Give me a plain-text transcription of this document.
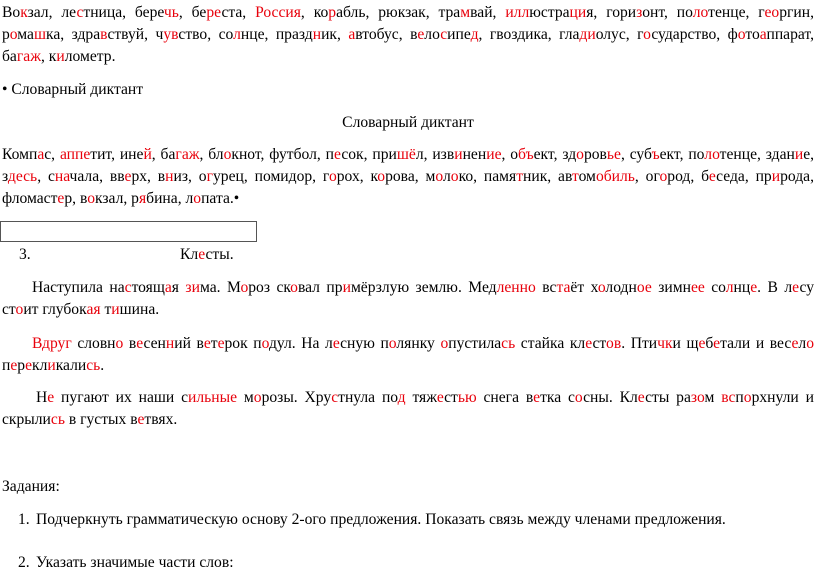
Вокзал, лестница, беречь, береста, Россия, корабль, рюкзак, трамвай, иллюстрация, горизонт, полотенце, георгин, ромашка, здравствуй, чувство, солнце, праздник, автобус, велосипед, гвоздика, гладиолус, государство, фотоаппарат, багаж, километр.

• Словарный диктант

Словарный диктант

Компас, аппетит, иней, багаж, блокнот, футбол, песок, пришёл, извинение, объект, здоровье, субъект, полотенце, здание, здесь, сначала, вверх, вниз, огурец, помидор, горох, корова, молоко, памятник, автомобиль, огород, беседа, природа, фломастер, вокзал, рябина, лопата.•

3.	Клесты.

Наступила настоящая зима. Мороз сковал примёрзлую землю. Медленно встаёт холодное зимнее солнце. В лесу стоит глубокая тишина.

Вдруг словно весенний ветерок подул. На лесную полянку опустилась стайка клестов. Птички щебетали и весело перекликались.

Не пугают их наши сильные морозы. Хрустнула под тяжестью снега ветка сосны. Клесты разом вспорхнули и скрылись в густых ветвях.

Задания:

1. Подчеркнуть грамматическую основу 2-ого предложения. Показать связь между членами предложения.
2. Указать значимые части слов:
